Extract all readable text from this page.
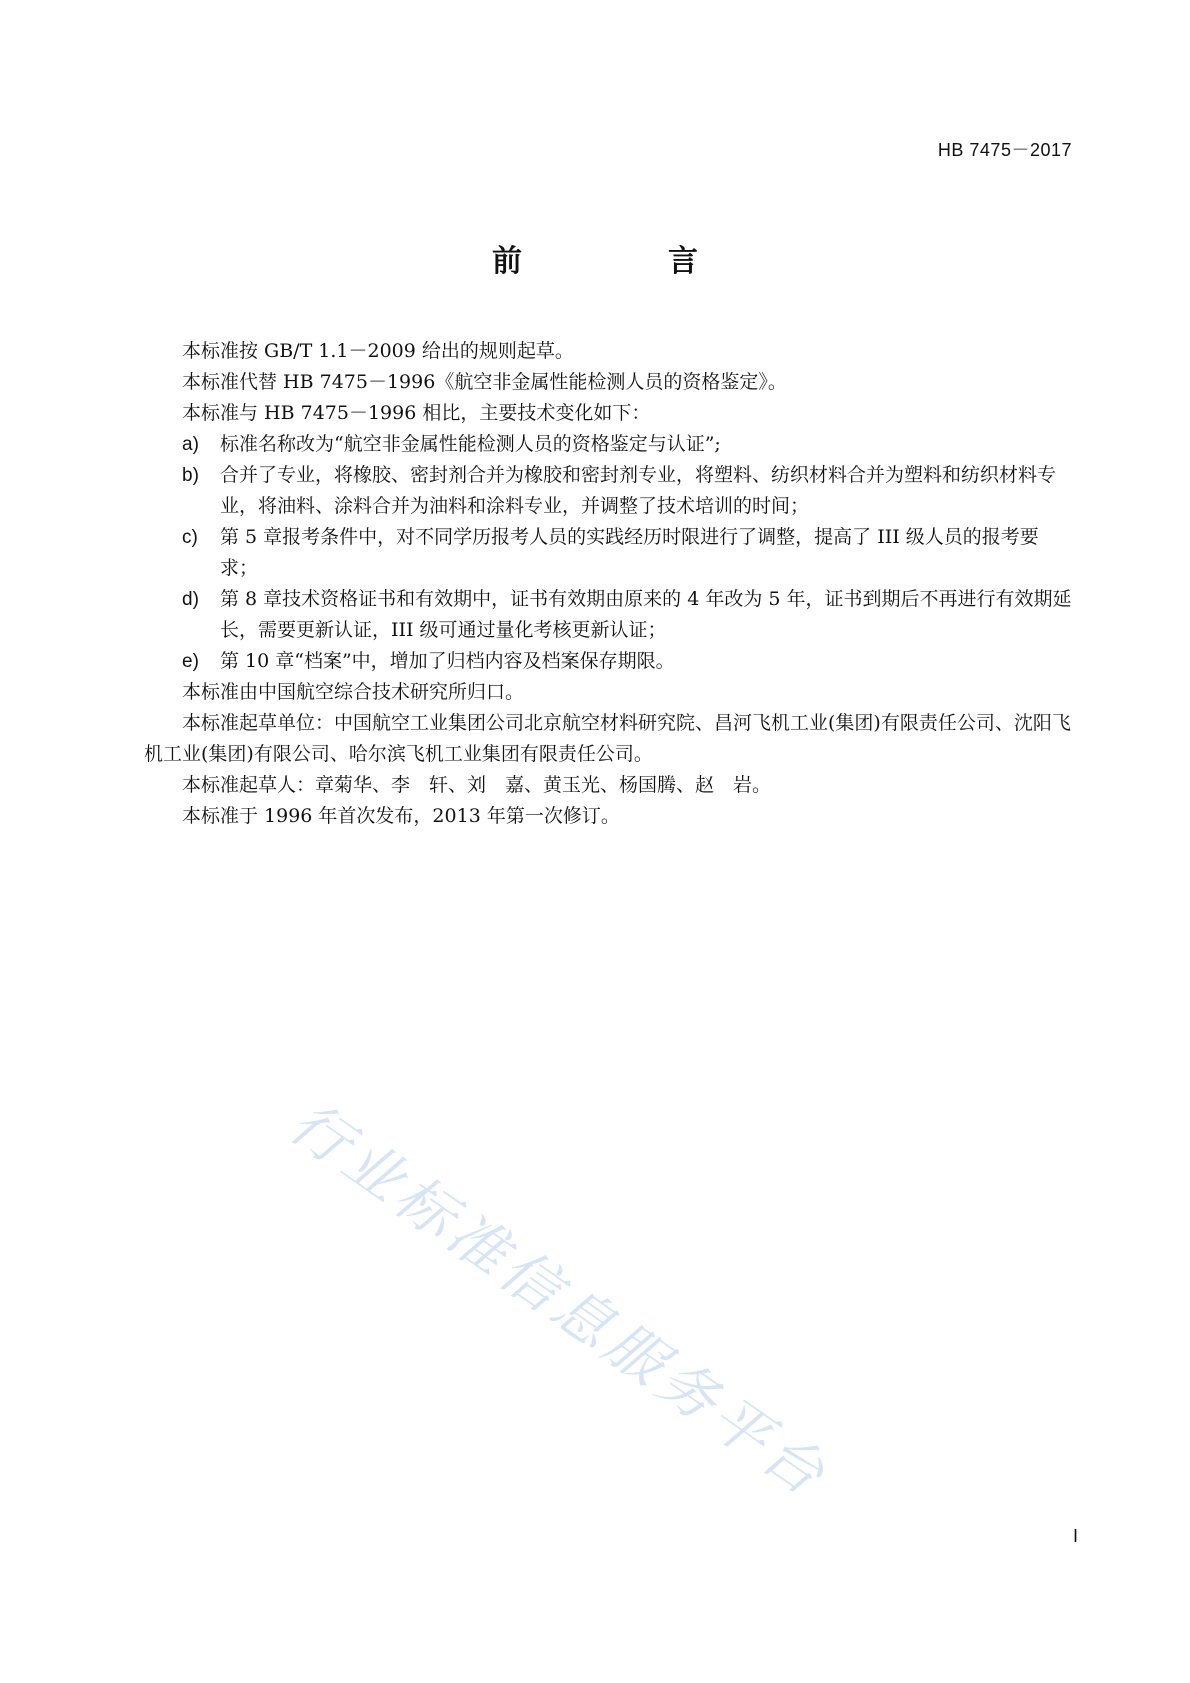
HB 7475－2017
前　言

本标准按 GB/T 1.1－2009 给出的规则起草。

本标准代替 HB 7475－1996《航空非金属性能检测人员的资格鉴定》。

本标准与 HB 7475－1996 相比，主要技术变化如下：

a)	标准名称改为“航空非金属性能检测人员的资格鉴定与认证”;
b)	合并了专业，将橡胶、密封剂合并为橡胶和密封剂专业，将塑料、纺织材料合并为塑料和纺织材料专业，将油料、涂料合并为油料和涂料专业，并调整了技术培训的时间；
c)	第 5 章报考条件中，对不同学历报考人员的实践经历时限进行了调整，提高了 III 级人员的报考要求；
d)	第 8 章技术资格证书和有效期中，证书有效期由原来的 4 年改为 5 年，证书到期后不再进行有效期延长，需要更新认证，III 级可通过量化考核更新认证；
e)	第 10 章“档案”中，增加了归档内容及档案保存期限。

本标准由中国航空综合技术研究所归口。

本标准起草单位：中国航空工业集团公司北京航空材料研究院、昌河飞机工业(集团)有限责任公司、沈阳飞机工业(集团)有限公司、哈尔滨飞机工业集团有限责任公司。

本标准起草人：章菊华、李　轩、刘　嘉、黄玉光、杨国腾、赵　岩。

本标准于 1996 年首次发布，2013 年第一次修订。

行业标准信息服务平台
I
